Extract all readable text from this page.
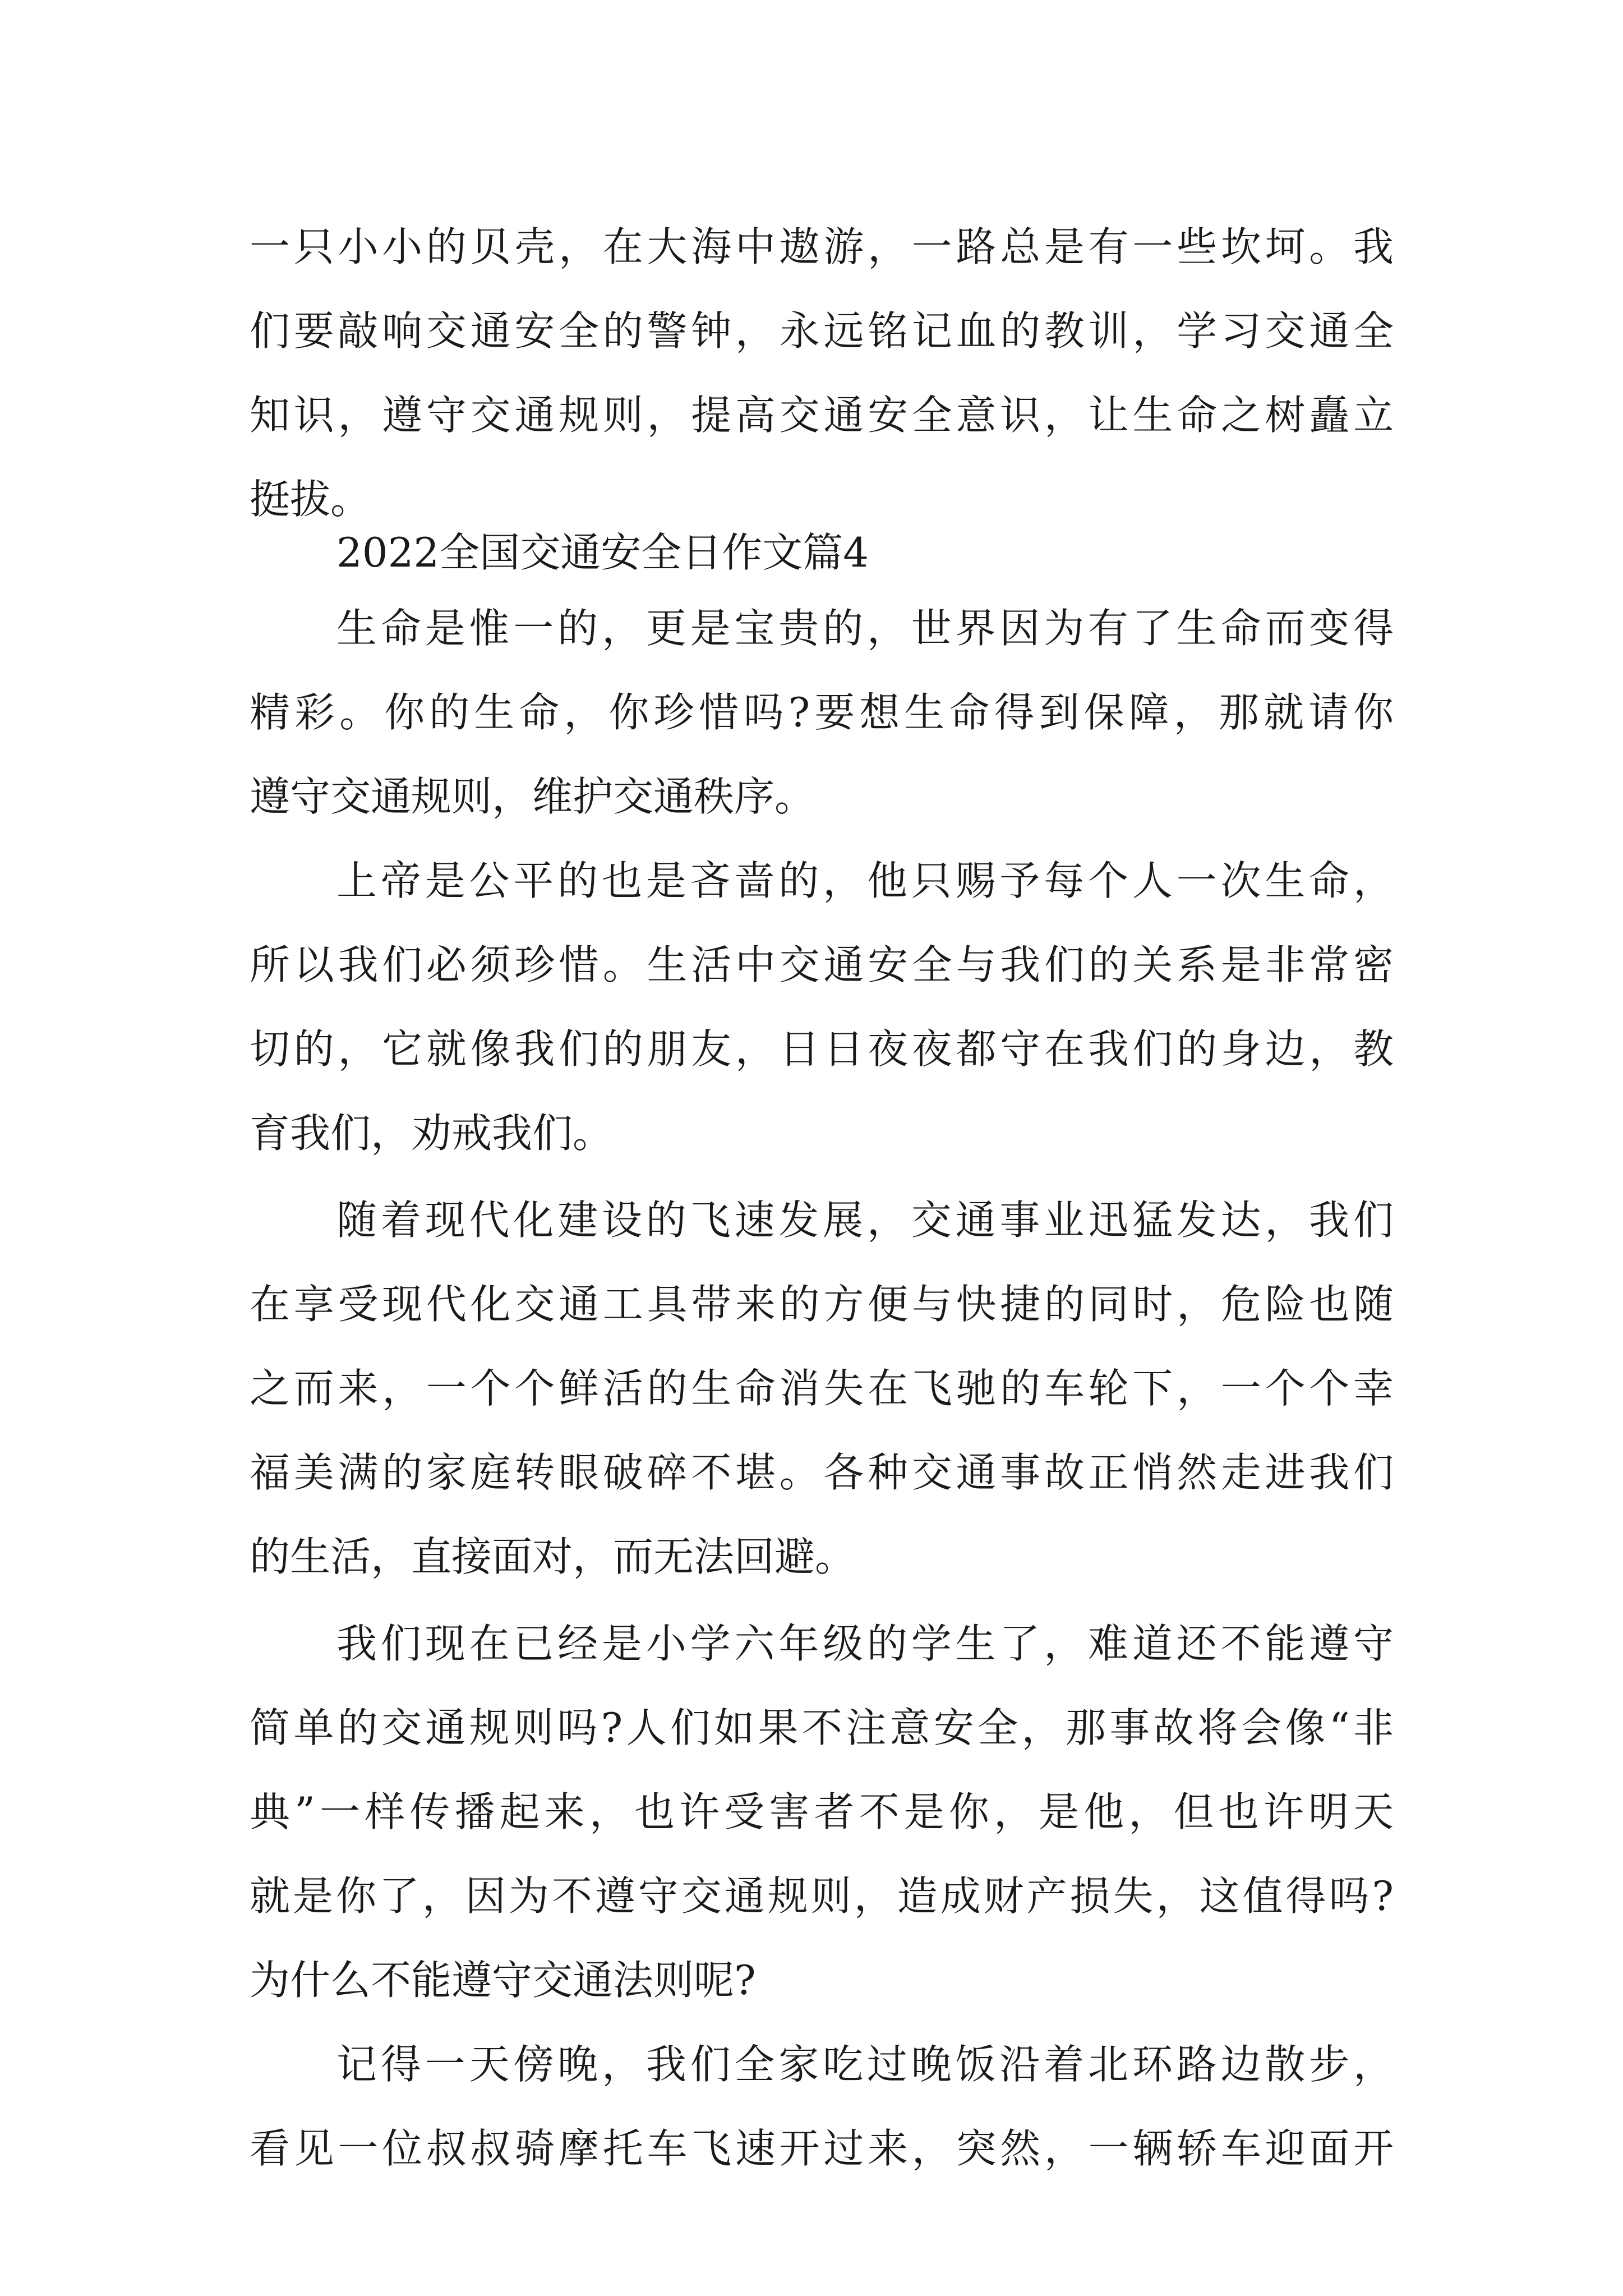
一只小小的贝壳，在大海中遨游，一路总是有一些坎坷。我
们要敲响交通安全的警钟，永远铭记血的教训，学习交通全
知识，遵守交通规则，提高交通安全意识，让生命之树矗立
挺拔。
2022全国交通安全日作文篇4
生命是惟一的，更是宝贵的，世界因为有了生命而变得
精彩。你的生命，你珍惜吗?要想生命得到保障，那就请你
遵守交通规则，维护交通秩序。
上帝是公平的也是吝啬的，他只赐予每个人一次生命，
所以我们必须珍惜。生活中交通安全与我们的关系是非常密
切的，它就像我们的朋友，日日夜夜都守在我们的身边，教
育我们，劝戒我们。
随着现代化建设的飞速发展，交通事业迅猛发达，我们
在享受现代化交通工具带来的方便与快捷的同时，危险也随
之而来，一个个鲜活的生命消失在飞驰的车轮下，一个个幸
福美满的家庭转眼破碎不堪。各种交通事故正悄然走进我们
的生活，直接面对，而无法回避。
我们现在已经是小学六年级的学生了，难道还不能遵守
简单的交通规则吗?人们如果不注意安全，那事故将会像“非
典”一样传播起来，也许受害者不是你，是他，但也许明天
就是你了，因为不遵守交通规则，造成财产损失，这值得吗?
为什么不能遵守交通法则呢?
记得一天傍晚，我们全家吃过晚饭沿着北环路边散步，
看见一位叔叔骑摩托车飞速开过来，突然，一辆轿车迎面开
